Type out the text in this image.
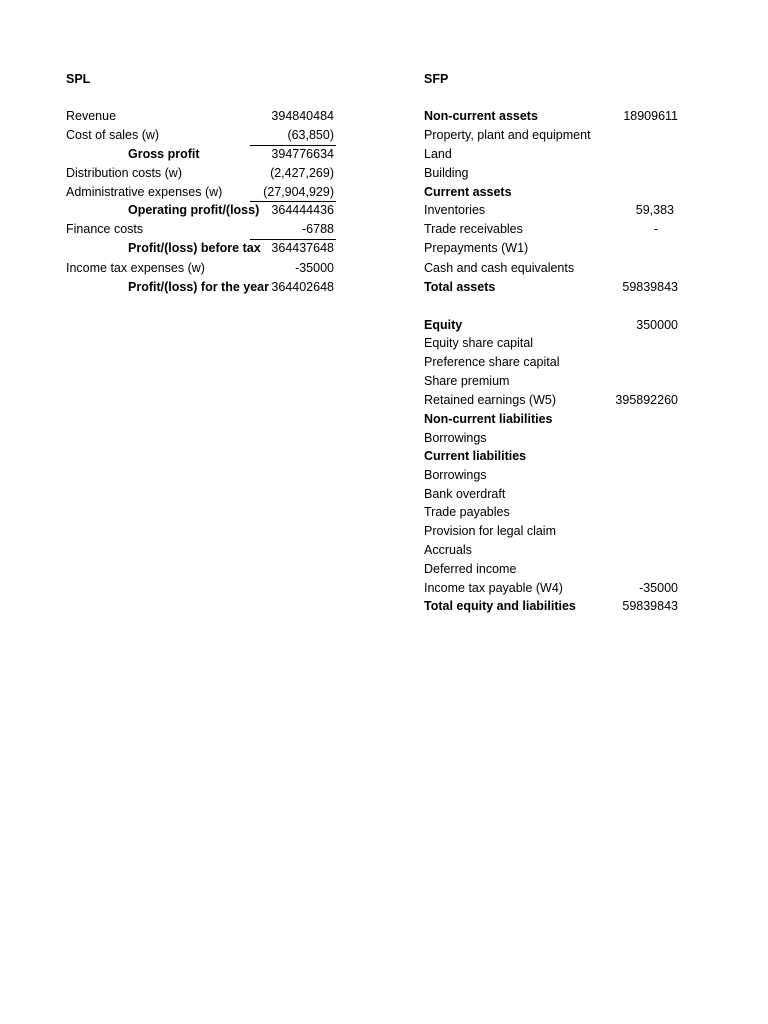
SPL	SFP
Revenue	394840484
Cost of sales (w)	(63,850)
Gross profit	394776634
Distribution costs (w)	(2,427,269)
Administrative expenses (w)	(27,904,929)
Operating profit/(loss) 364444436
Finance costs	-6788
Profit/(loss) before tax 364437648
Income tax expenses (w)	-35000
Profit/(loss) for the year 364402648
Non-current assets	18909611
Property, plant and equipment
Land
Building
Current assets
Inventories	59,383
Trade receivables	-
Prepayments (W1)
Cash and cash equivalents
Total assets	59839843
Equity	350000
Equity share capital
Preference share capital
Share premium
Retained earnings (W5)	395892260
Non-current liabilities
Borrowings
Current liabilities
Borrowings
Bank overdraft
Trade payables
Provision for legal claim
Accruals
Deferred income
Income tax payable (W4)	-35000
Total equity and liabilities	59839843
